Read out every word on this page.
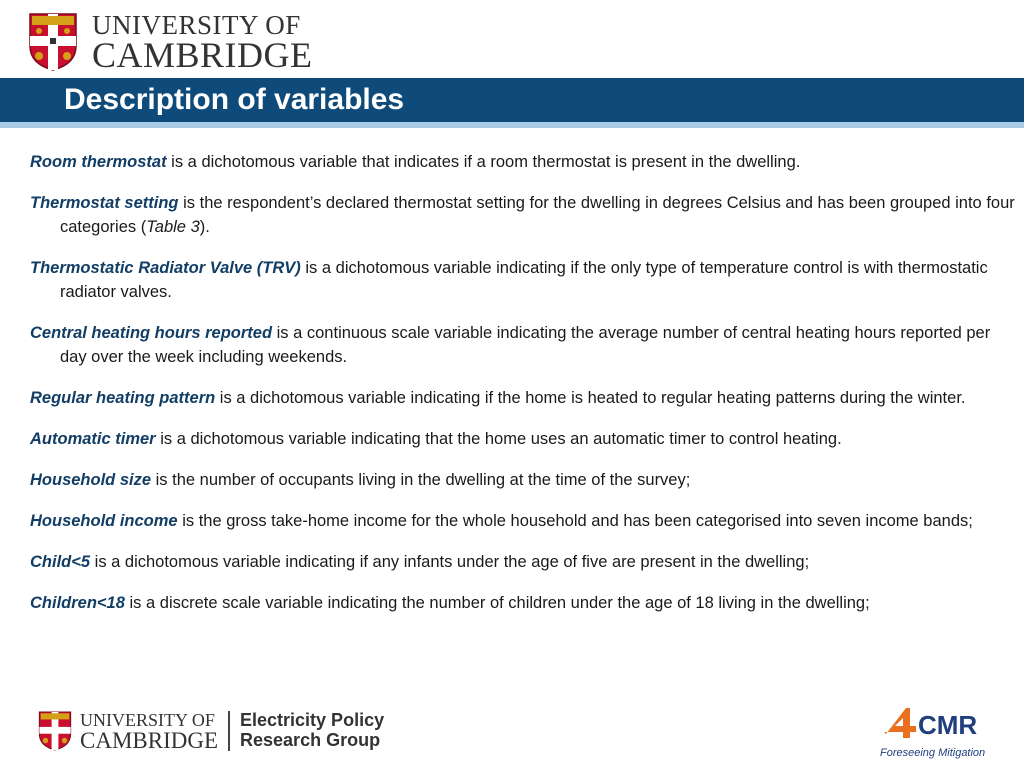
UNIVERSITY OF
CAMBRIDGE
Description of variables

Room thermostat is a dichotomous variable that indicates if a room thermostat is present in the dwelling.

Thermostat setting is the respondent’s declared thermostat setting for the dwelling in degrees Celsius and has been grouped into four categories (Table 3).

Thermostatic Radiator Valve (TRV) is a dichotomous variable indicating if the only type of temperature control is with thermostatic radiator valves.

Central heating hours reported is a continuous scale variable indicating the average number of central heating hours reported per day over the week including weekends.

Regular heating pattern is a dichotomous variable indicating if the home is heated to regular heating patterns during the winter.

Automatic timer is a dichotomous variable indicating that the home uses an automatic timer to control heating.

Household size is the number of occupants living in the dwelling at the time of the survey;

Household income is the gross take-home income for the whole household and has been categorised into seven income bands;

Child<5 is a dichotomous variable indicating if any infants under the age of five are present in the dwelling;

Children<18 is a discrete scale variable indicating the number of children under the age of 18 living in the dwelling;

UNIVERSITY OF
CAMBRIDGE
Electricity Policy
Research Group	CMR
Foreseeing Mitigation
